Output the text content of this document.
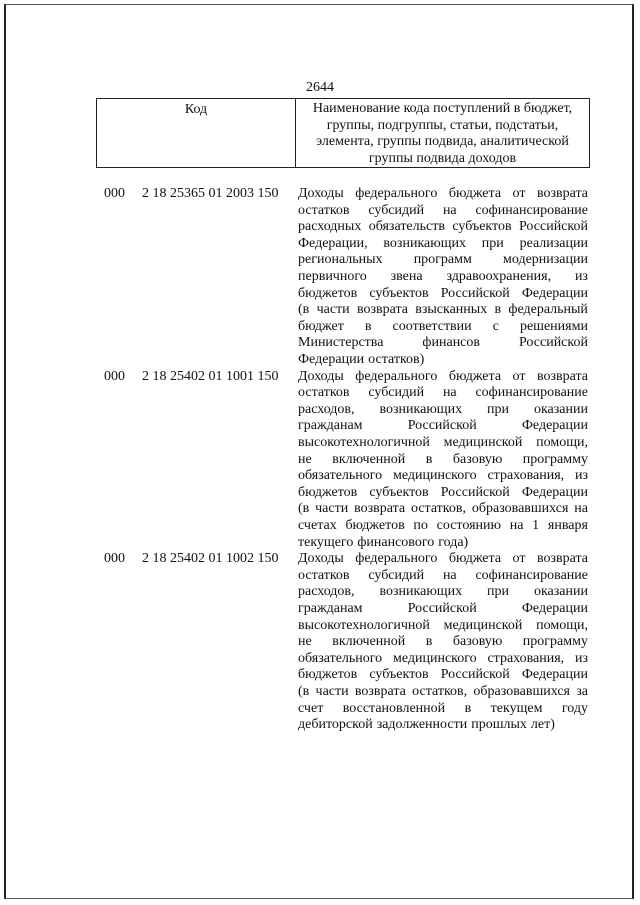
2644
Код	Наименование кода поступлений в бюджет,
группы, подгруппы, статьи, подстатьи,
элемента, группы подвида, аналитической
группы подвида доходов
000 2 18 25365 01 2003 150 Доходы федерального бюджета от возврата
остатков субсидий на софинансирование
расходных обязательств субъектов Российской
Федерации, возникающих при реализации
региональных программ модернизации
первичного звена здравоохранения, из
бюджетов субъектов Российской Федерации
(в части возврата взысканных в федеральный
бюджет в соответствии с решениями
Министерства	финансов	Российской
Федерации остатков)
000 2 18 25402 01 1001 150 Доходы федерального бюджета от возврата
остатков субсидий на софинансирование
расходов, возникающих при оказании
гражданам	Российской	Федерации
высокотехнологичной медицинской помощи,
не включенной в базовую программу
обязательного медицинского страхования, из
бюджетов субъектов Российской Федерации
(в части возврата остатков, образовавшихся на
счетах бюджетов по состоянию на 1 января
текущего финансового года)
000 2 18 25402 01 1002 150 Доходы федерального бюджета от возврата
остатков субсидий на софинансирование
расходов, возникающих при оказании
гражданам	Российской	Федерации
высокотехнологичной медицинской помощи,
не включенной в базовую программу
обязательного медицинского страхования, из
бюджетов субъектов Российской Федерации
(в части возврата остатков, образовавшихся за
счет восстановленной в текущем году
дебиторской задолженности прошлых лет)
